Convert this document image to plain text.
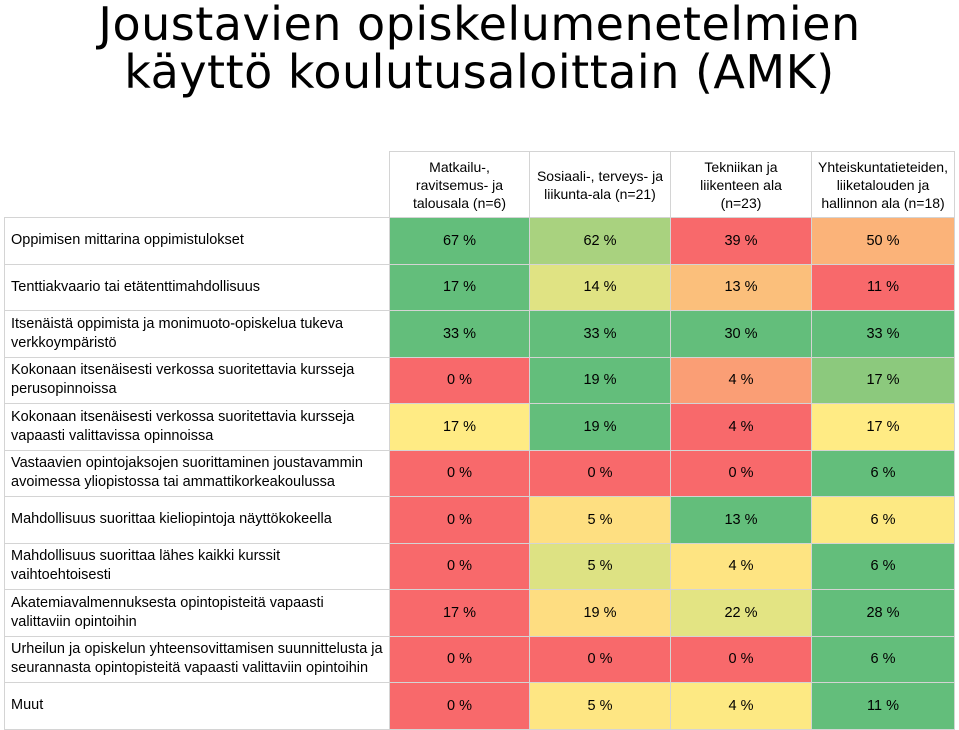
Joustavien opiskelumenetelmien
käyttö koulutusaloittain (AMK)
	Matkailu-,
ravitsemus- ja
talousala (n=6)	Sosiaali-, terveys- ja
liikunta-ala (n=21)	Tekniikan ja
liikenteen ala
(n=23)	Yhteiskuntatieteiden,
liiketalouden ja
hallinnon ala (n=18)
Oppimisen mittarina oppimistulokset	67 %	62 %	39 %	50 %
Tenttiakvaario tai etätenttimahdollisuus	17 %	14 %	13 %	11 %
Itsenäistä oppimista ja monimuoto-opiskelua tukeva
verkkoympäristö	33 %	33 %	30 %	33 %
Kokonaan itsenäisesti verkossa suoritettavia kursseja
perusopinnoissa	0 %	19 %	4 %	17 %
Kokonaan itsenäisesti verkossa suoritettavia kursseja
vapaasti valittavissa opinnoissa	17 %	19 %	4 %	17 %
Vastaavien opintojaksojen suorittaminen joustavammin
avoimessa yliopistossa tai ammattikorkeakoulussa	0 %	0 %	0 %	6 %
Mahdollisuus suorittaa kieliopintoja näyttökokeella	0 %	5 %	13 %	6 %
Mahdollisuus suorittaa lähes kaikki kurssit vaihtoehtoisesti	0 %	5 %	4 %	6 %
Akatemiavalmennuksesta opintopisteitä vapaasti
valittaviin opintoihin	17 %	19 %	22 %	28 %
Urheilun ja opiskelun yhteensovittamisen suunnittelusta ja
seurannasta opintopisteitä vapaasti valittaviin opintoihin	0 %	0 %	0 %	6 %
Muut	0 %	5 %	4 %	11 %
